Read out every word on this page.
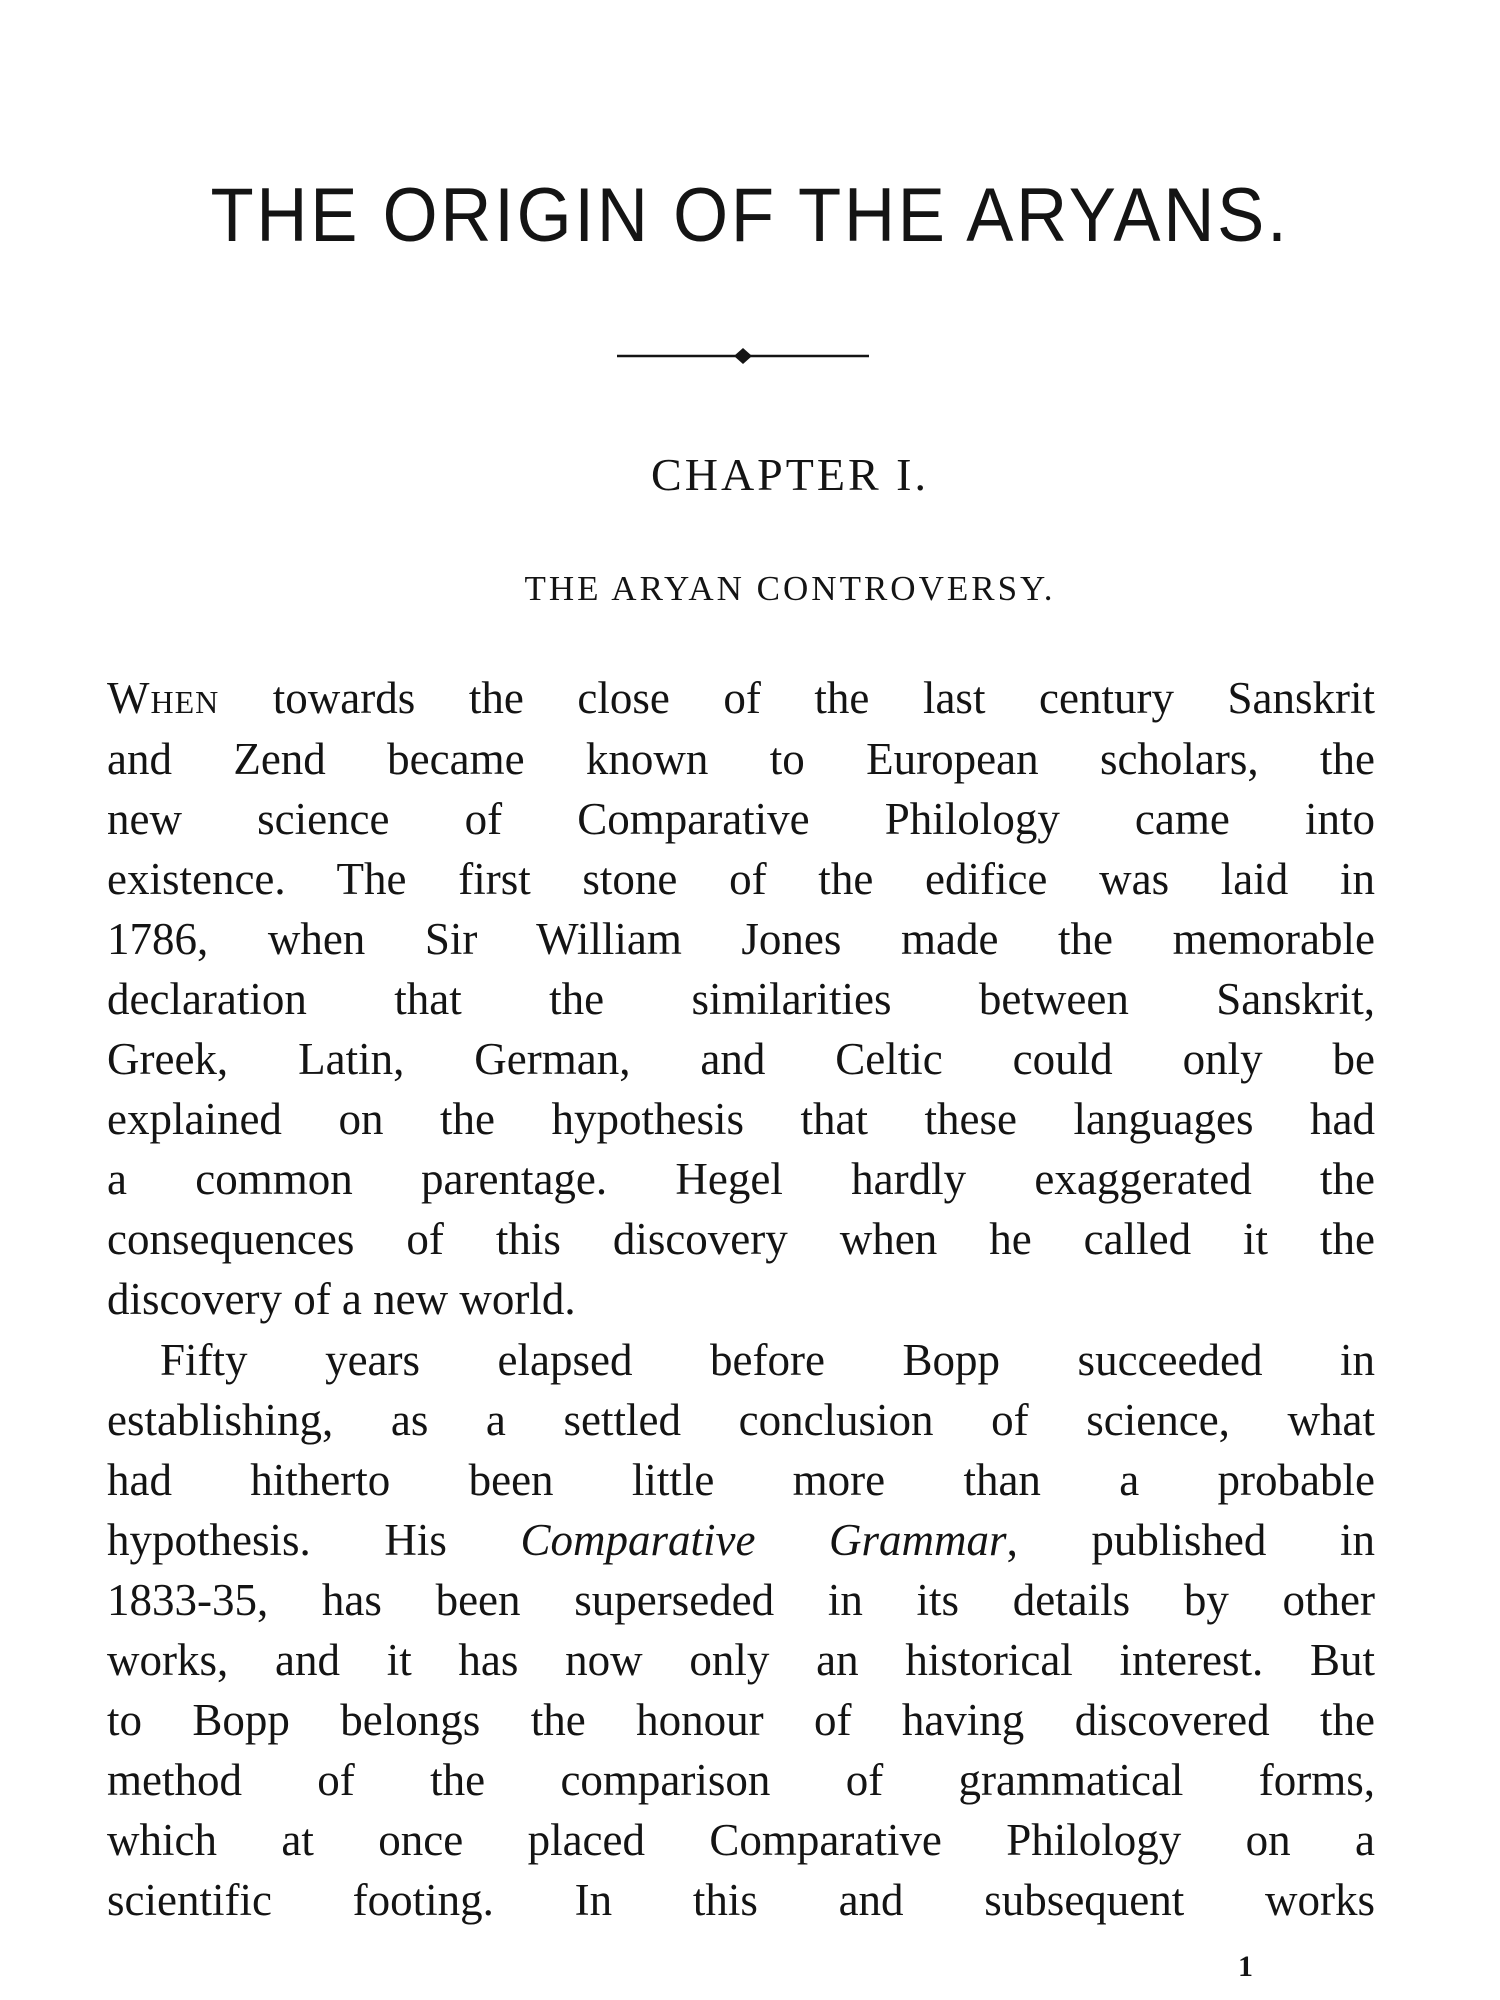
THE ORIGIN OF THE ARYANS.
CHAPTER I.
THE ARYAN CONTROVERSY.

When towards the close of the last century Sanskrit

and Zend became known to European scholars, the

new science of Comparative Philology came into

existence. The first stone of the edifice was laid in

1786, when Sir William Jones made the memorable

declaration that the similarities between Sanskrit,

Greek, Latin, German, and Celtic could only be

explained on the hypothesis that these languages had

a common parentage. Hegel hardly exaggerated the

consequences of this discovery when he called it the

discovery of a new world.

Fifty years elapsed before Bopp succeeded in

establishing, as a settled conclusion of science, what

had hitherto been little more than a probable

hypothesis. His Comparative Grammar, published in

1833-35, has been superseded in its details by other

works, and it has now only an historical interest. But

to Bopp belongs the honour of having discovered the

method of the comparison of grammatical forms,

which at once placed Comparative Philology on a

scientific footing. In this and subsequent works

1
